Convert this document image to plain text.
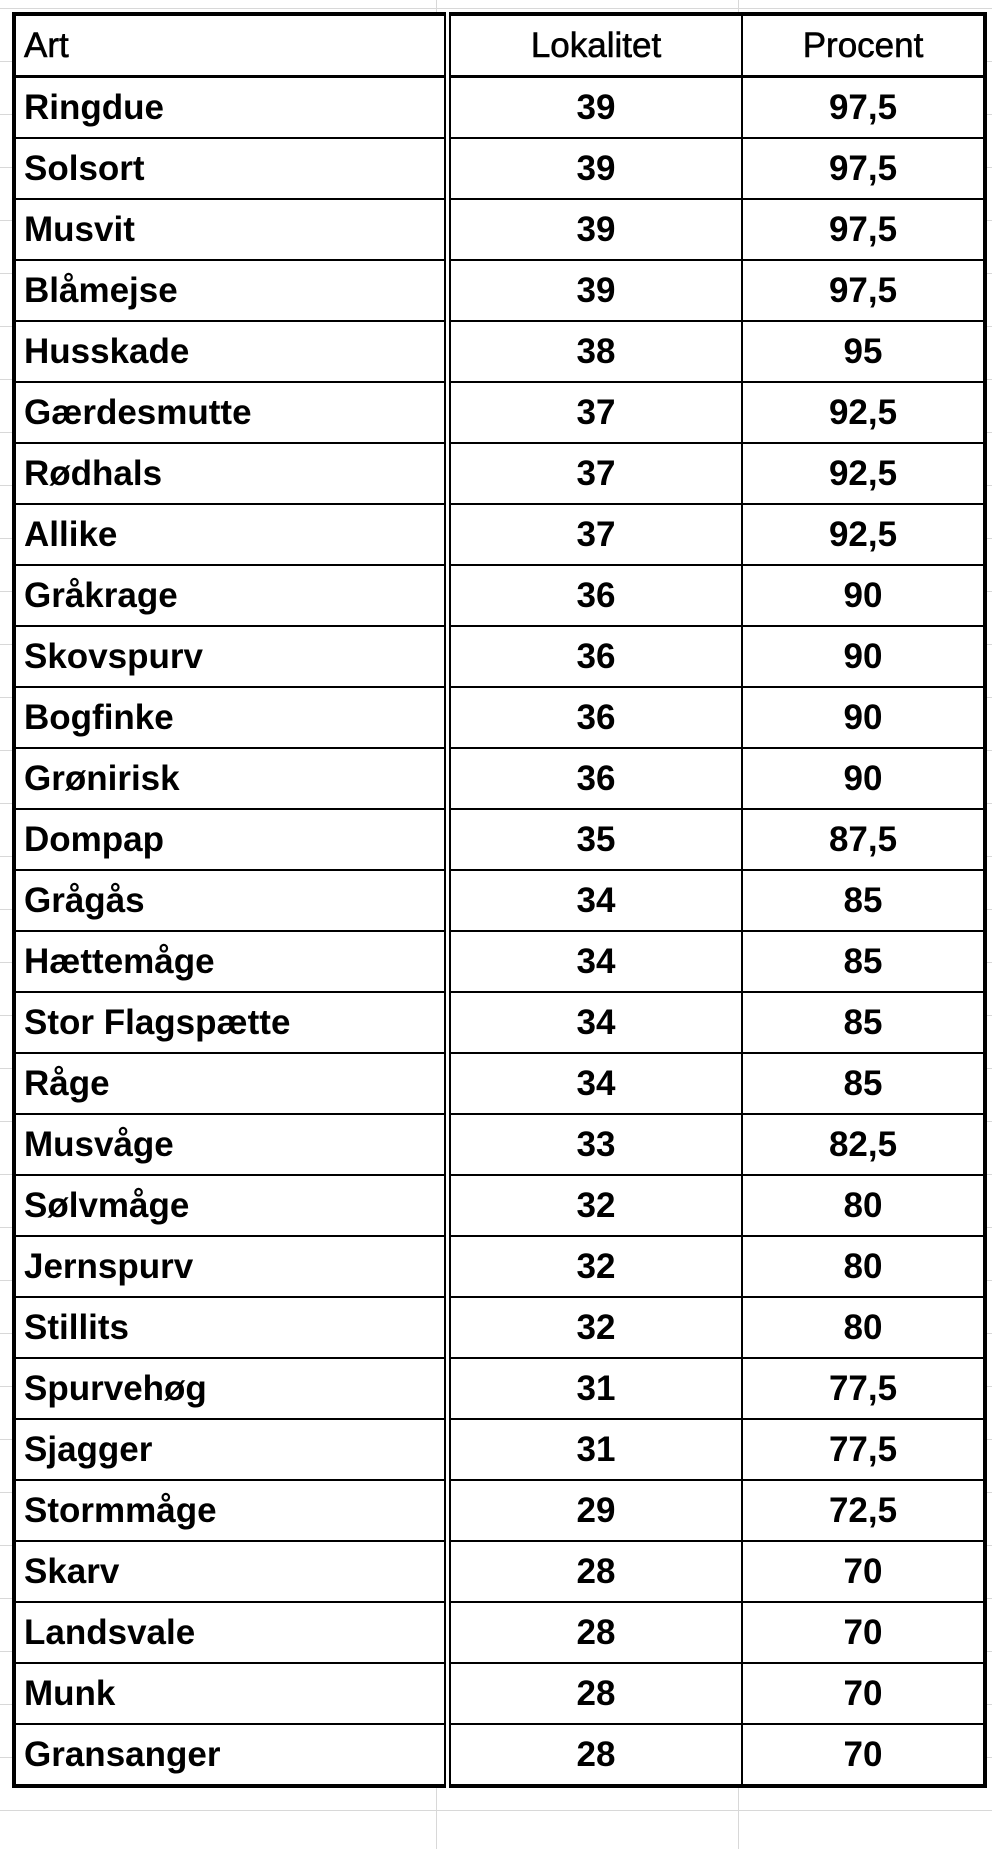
Art	Lokalitet	Procent
Ringdue	39	97,5
Solsort	39	97,5
Musvit	39	97,5
Blåmejse	39	97,5
Husskade	38	95
Gærdesmutte	37	92,5
Rødhals	37	92,5
Allike	37	92,5
Gråkrage	36	90
Skovspurv	36	90
Bogfinke	36	90
Grønirisk	36	90
Dompap	35	87,5
Grågås	34	85
Hættemåge	34	85
Stor Flagspætte	34	85
Råge	34	85
Musvåge	33	82,5
Sølvmåge	32	80
Jernspurv	32	80
Stillits	32	80
Spurvehøg	31	77,5
Sjagger	31	77,5
Stormmåge	29	72,5
Skarv	28	70
Landsvale	28	70
Munk	28	70
Gransanger	28	70
